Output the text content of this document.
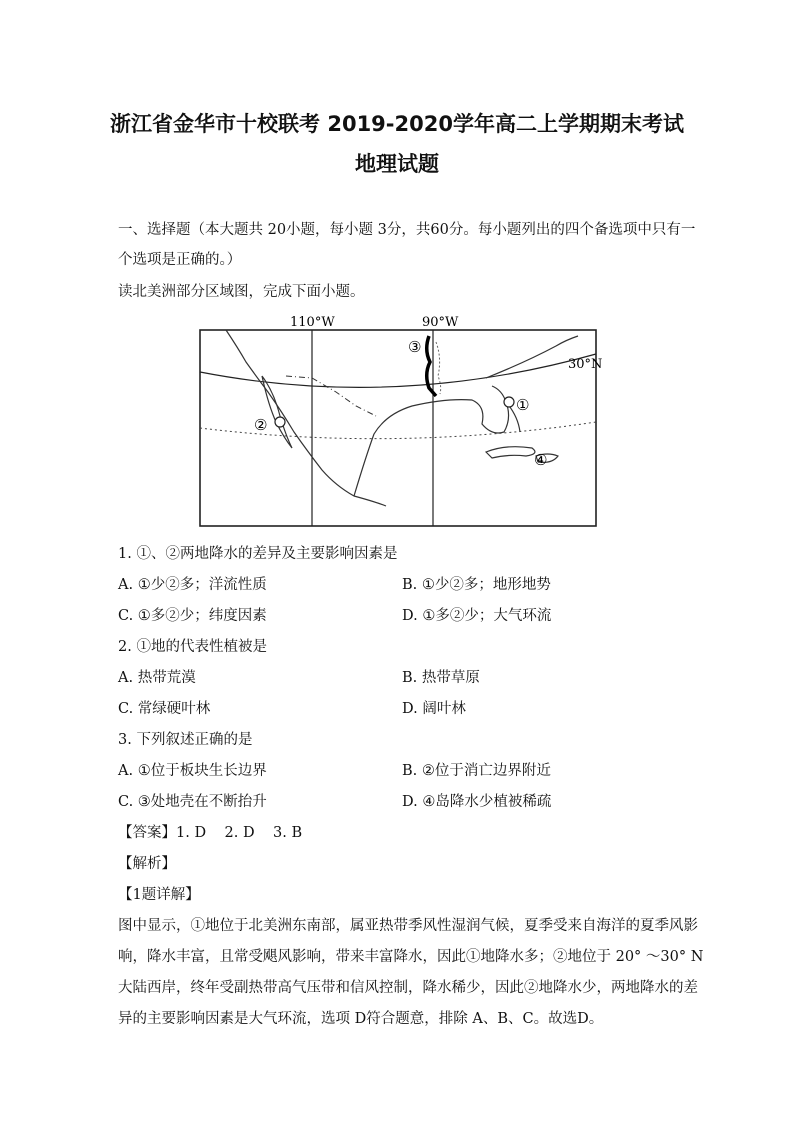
浙江省金华市十校联考 2019-2020学年高二上学期期末考试
地理试题
一、选择题（本大题共 20小题，每小题 3分，共60分。每小题列出的四个备选项中只有一
个选项是正确的。）
读北美洲部分区域图，完成下面小题。
110°W	90°W
30°N
①
②
③
④
1. ①、②两地降水的差异及主要影响因素是
A. ①少②多；洋流性质	B. ①少②多；地形地势
C. ①多②少；纬度因素	D. ①多②少；大气环流
2. ①地的代表性植被是
A. 热带荒漠	B. 热带草原
C. 常绿硬叶林	D. 阔叶林
3. 下列叙述正确的是
A. ①位于板块生长边界	B. ②位于消亡边界附近
C. ③处地壳在不断抬升	D. ④岛降水少植被稀疏
【答案】1. D    2. D    3. B
【解析】
【1题详解】
图中显示，①地位于北美洲东南部，属亚热带季风性湿润气候，夏季受来自海洋的夏季风影
响，降水丰富，且常受飓风影响，带来丰富降水，因此①地降水多；②地位于 20° ～30° N
大陆西岸，终年受副热带高气压带和信风控制，降水稀少，因此②地降水少，两地降水的差
异的主要影响因素是大气环流，选项 D符合题意，排除 A、B、C。故选D。
